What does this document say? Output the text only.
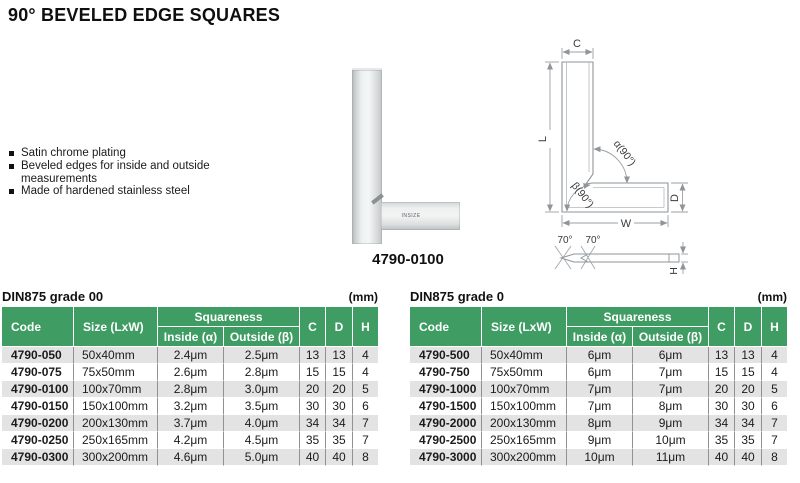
90° BEVELED EDGE SQUARES
Satin chrome plating
Beveled edges for inside and outside measurements
Made of hardened stainless steel
INSIZE
4790-0100
C
L
W
D
α(90°)
β(90°)
70° 70°
H
DIN875 grade 00	(mm)
Code	Size (LxW)	Squareness		C	D	H
		Inside (α)	Outside (β)			
4790-050	50x40mm	2.4μm	2.5μm	13	13	4
4790-075	75x50mm	2.6μm	2.8μm	15	15	4
4790-0100	100x70mm	2.8μm	3.0μm	20	20	5
4790-0150	150x100mm	3.2μm	3.5μm	30	30	6
4790-0200	200x130mm	3.7μm	4.0μm	34	34	7
4790-0250	250x165mm	4.2μm	4.5μm	35	35	7
4790-0300	300x200mm	4.6μm	5.0μm	40	40	8
DIN875 grade 0	(mm)
Code	Size (LxW)	Squareness		C	D	H
		Inside (α)	Outside (β)			
4790-500	50x40mm	6μm	6μm	13	13	4
4790-750	75x50mm	6μm	7μm	15	15	4
4790-1000	100x70mm	7μm	7μm	20	20	5
4790-1500	150x100mm	7μm	8μm	30	30	6
4790-2000	200x130mm	8μm	9μm	34	34	7
4790-2500	250x165mm	9μm	10μm	35	35	7
4790-3000	300x200mm	10μm	11μm	40	40	8
